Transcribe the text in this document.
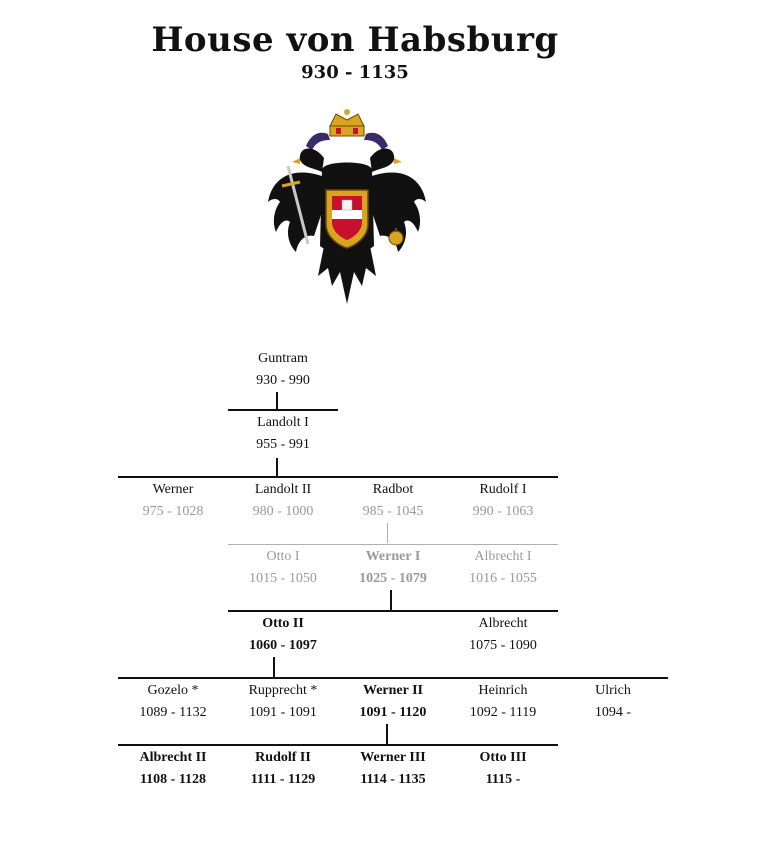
House von Habsburg
930 - 1135
Guntram
930 - 990
Landolt I
955 - 991
Werner
975 - 1028
Landolt II
980 - 1000
Radbot
985 - 1045
Rudolf I
990 - 1063
Otto I
1015 - 1050
Werner I
1025 - 1079
Albrecht I
1016 - 1055
Otto II
1060 - 1097
Albrecht
1075 - 1090
Gozelo *
1089 - 1132
Rupprecht *
1091 - 1091
Werner II
1091 - 1120
Heinrich
1092 - 1119
Ulrich
1094 -
Albrecht II
1108 - 1128
Rudolf II
1111 - 1129
Werner III
1114 - 1135
Otto III
1115 -
